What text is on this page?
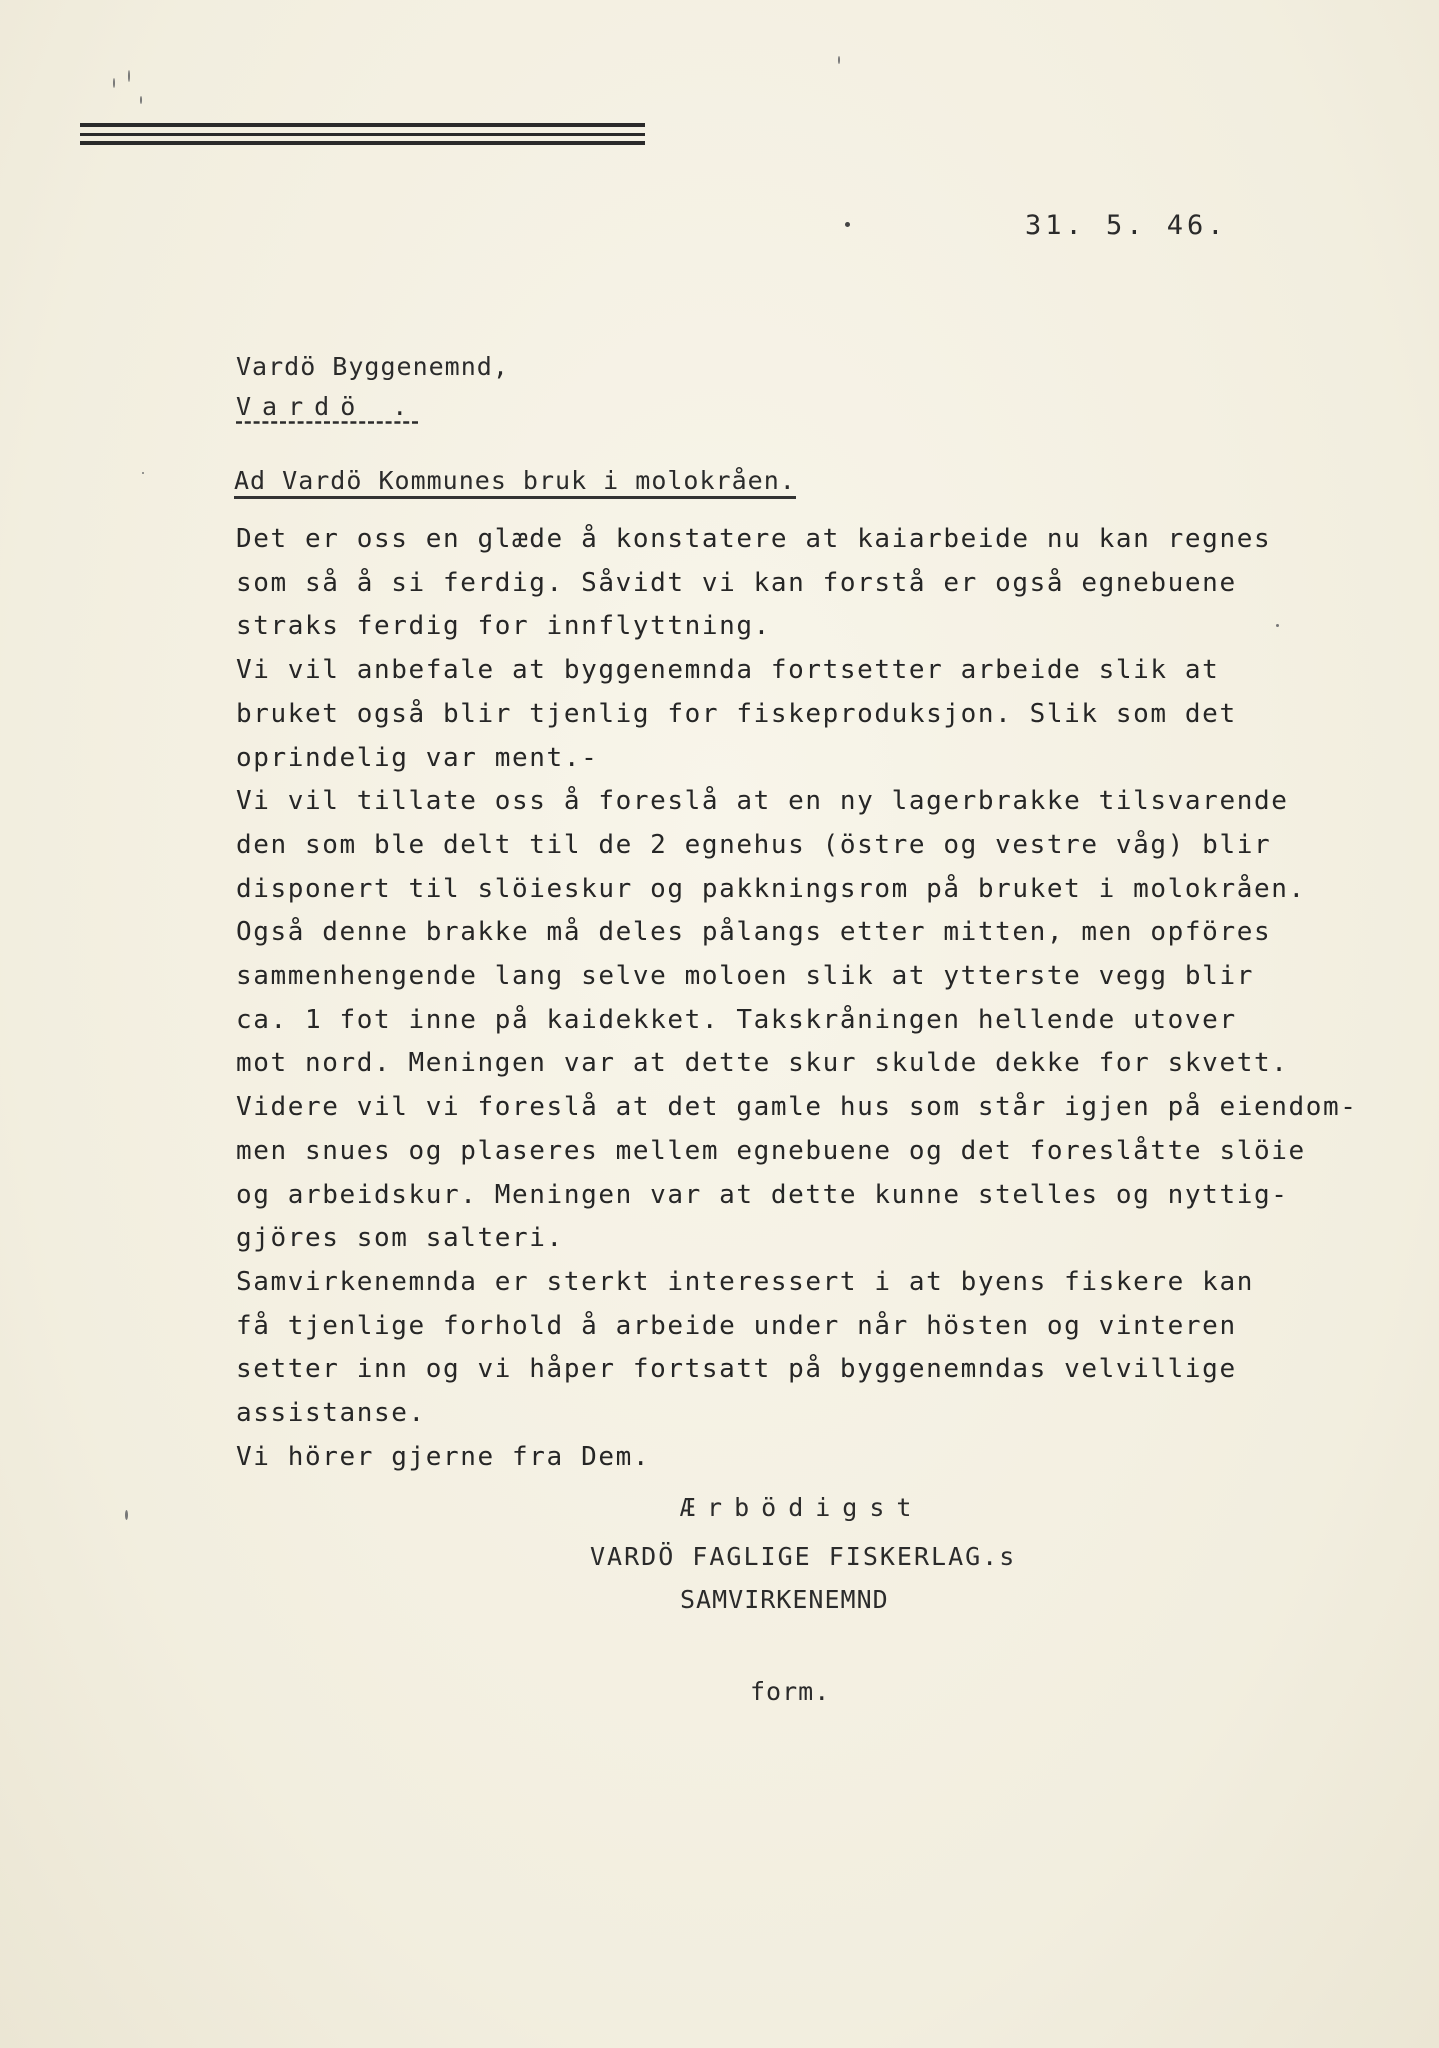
31. 5. 46.
Vardö Byggenemnd,
Vardö .
Ad Vardö Kommunes bruk i molokråen.
Det er oss en glæde å konstatere at kaiarbeide nu kan regnes
som så å si ferdig. Såvidt vi kan forstå er også egnebuene
straks ferdig for innflyttning.
Vi vil anbefale at byggenemnda fortsetter arbeide slik at
bruket også blir tjenlig for fiskeproduksjon. Slik som det
oprindelig var ment.-
Vi vil tillate oss å foreslå at en ny lagerbrakke tilsvarende
den som ble delt til de 2 egnehus (östre og vestre våg) blir
disponert til slöieskur og pakkningsrom på bruket i molokråen.
Også denne brakke må deles pålangs etter mitten, men opföres
sammenhengende lang selve moloen slik at ytterste vegg blir
ca. 1 fot inne på kaidekket. Takskråningen hellende utover
mot nord. Meningen var at dette skur skulde dekke for skvett.
Videre vil vi foreslå at det gamle hus som står igjen på eiendom-
men snues og plaseres mellem egnebuene og det foreslåtte slöie
og arbeidskur. Meningen var at dette kunne stelles og nyttig-
gjöres som salteri.
Samvirkenemnda er sterkt interessert i at byens fiskere kan
få tjenlige forhold å arbeide under når hösten og vinteren
setter inn og vi håper fortsatt på byggenemndas velvillige
assistanse.
Vi hörer gjerne fra Dem.
Ærbödigst
VARDÖ FAGLIGE FISKERLAG.s
SAMVIRKENEMND
form.
